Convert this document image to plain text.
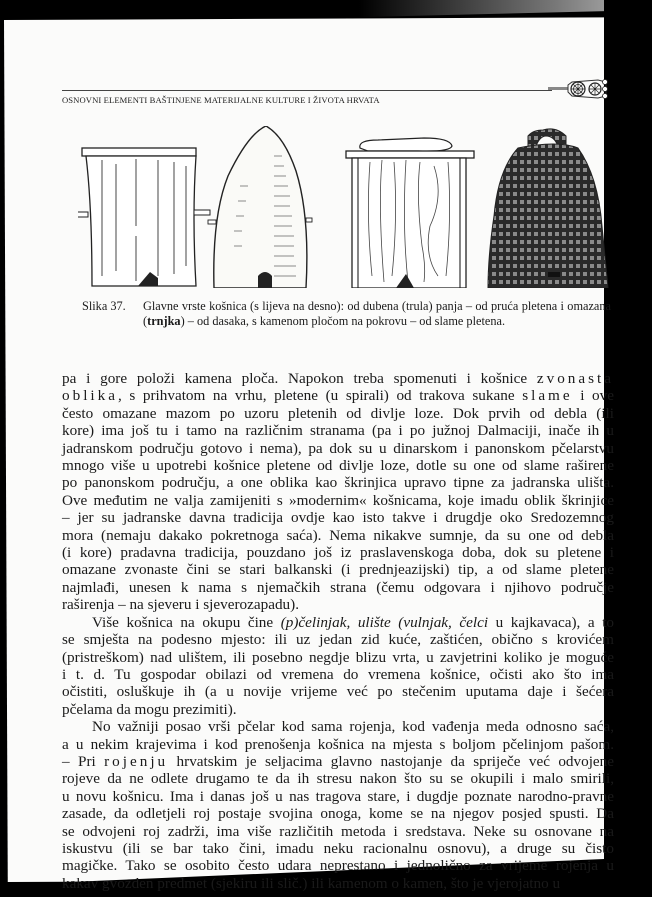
OSNOVNI ELEMENTI BAŠTINJENE MATERIJALNE KULTURE I ŽIVOTA HRVATA
Slika 37. Glavne vrste košnica (s lijeva na desno): od dubena (trula) panja – od pruća pletena i omazana (trnjka) – od dasaka, s kamenom pločom na pokrovu – od slame pletena.

pa i gore položi kamena ploča. Napokon treba spomenuti i košnice zvonasta
oblika, s prihvatom na vrhu, pletene (u spirali) od trakova sukane slame i ove
često omazane mazom po uzoru pletenih od divlje loze. Dok prvih od debla (ili
kore) ima još tu i tamo na različnim stranama (pa i po južnoj Dalmaciji, inače ih u
jadranskom području gotovo i nema), pa dok su u dinarskom i panonskom pčelarstvu
mnogo više u upotrebi košnice pletene od divlje loze, dotle su one od slame raširene
po panonskom području, a one oblika kao škrinjica upravo tipne za jadranska ulišta.
Ove međutim ne valja zamijeniti s »modernim« košnicama, koje imadu oblik škrinjice
– jer su jadranske davna tradicija ovdje kao isto takve i drugdje oko Sredozemnog
mora (nemaju dakako pokretnoga saća). Nema nikakve sumnje, da su one od debla
(i kore) pradavna tradicija, pouzdano još iz praslavenskoga doba, dok su pletene i
omazane zvonaste čini se stari balkanski (i prednjeazijski) tip, a od slame pletene
najmlađi, unesen k nama s njemačkih strana (čemu odgovara i njihovo područje
raširenja – na sjeveru i sjeverozapadu).

Više košnica na okupu čine (p)čelinjak, ulište (vulnjak, čelci u kajkavaca), a to
se smješta na podesno mjesto: ili uz jedan zid kuće, zaštićen, obično s krovićem
(pristreškom) nad ulištem, ili posebno negdje blizu vrta, u zavjetrini koliko je moguće
i t. d. Tu gospodar obilazi od vremena do vremena košnice, očisti ako što ima
očistiti, osluškuje ih (a u novije vrijeme već po stečenim uputama daje i šećera
pčelama da mogu prezimiti).

No važniji posao vrši pčelar kod sama rojenja, kod vađenja meda odnosno saća,
a u nekim krajevima i kod prenošenja košnica na mjesta s boljom pčelinjom pašom.
– Pri rojenju hrvatskim je seljacima glavno nastojanje da spriječe već odvojene
rojeve da ne odlete drugamo te da ih stresu nakon što su se okupili i malo smirili,
u novu košnicu. Ima i danas još u nas tragova stare, i dugdje poznate narodno-pravne
zasade, da odletjeli roj postaje svojina onoga, kome se na njegov posjed spusti. Da
se odvojeni roj zadrži, ima više različitih metoda i sredstava. Neke su osnovane na
iskustvu (ili se bar tako čini, imadu neku racionalnu osnovu), a druge su čisto
magičke. Tako se osobito često udara neprestano i jednolično za vrijeme rojenja u
kakav gvozden predmet (sjekiru ili slič.) ili kamenom o kamen, što je vjerojatno u
